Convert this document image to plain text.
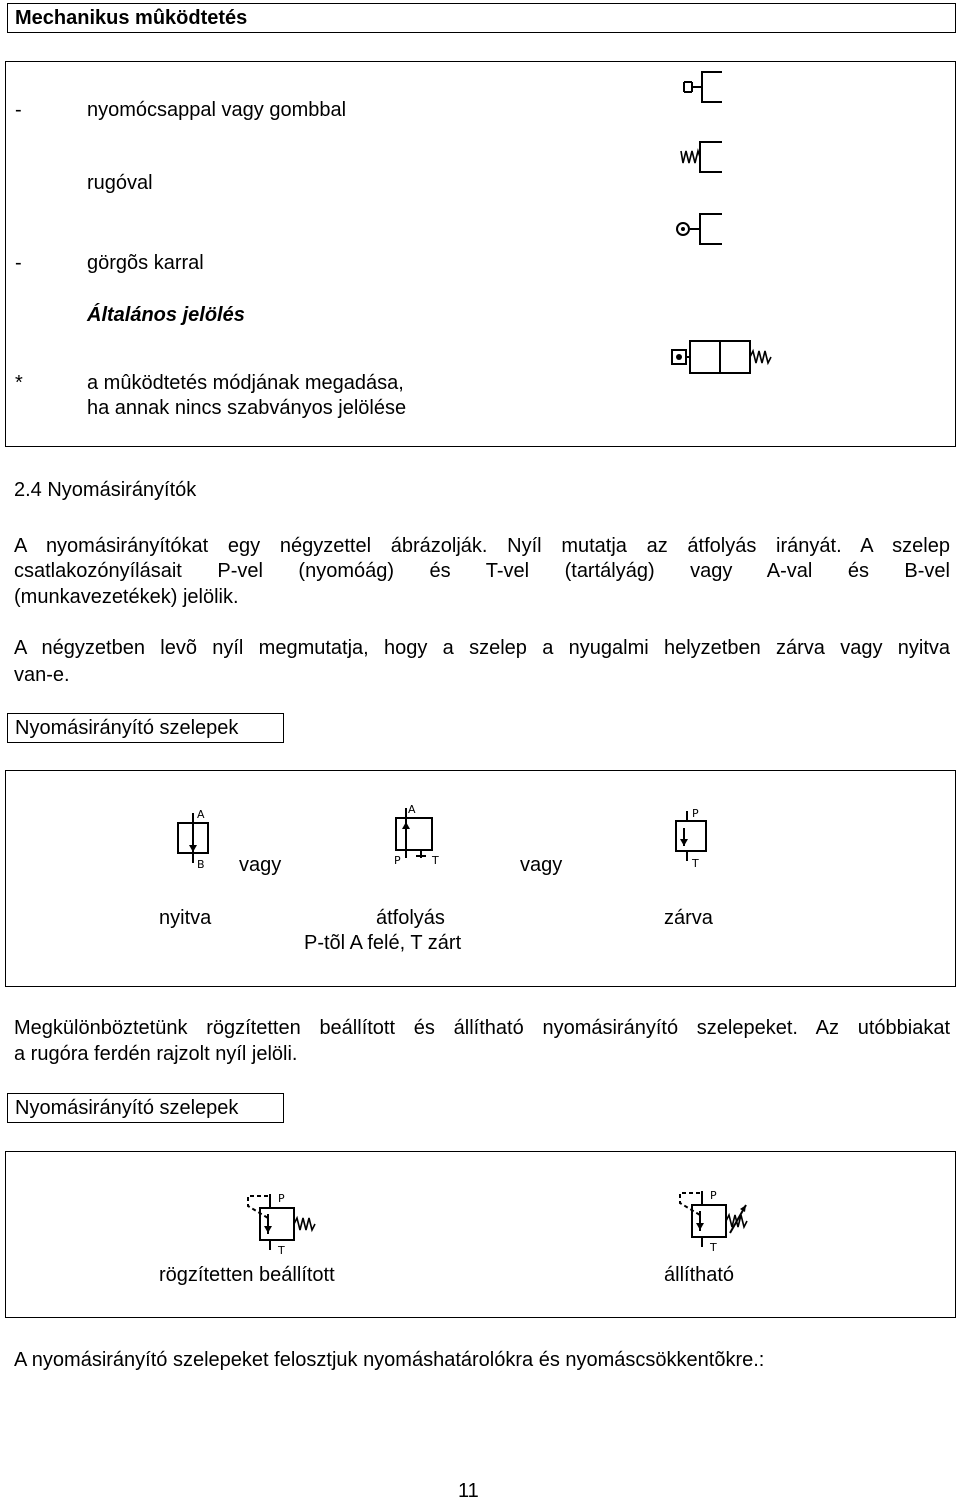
Mechanikus mûködtetés
-	nyomócsappal vagy gombbal
rugóval
-	görgõs karral
Általános jelölés
*	a mûködtetés módjának megadása,
ha annak nincs szabványos jelölése
2.4 Nyomásirányítók
A nyomásirányítókat egy négyzettel ábrázolják. Nyíl mutatja az átfolyás irányát. A szelep
csatlakozónyílásait P-vel (nyomóág) és T-vel (tartályág) vagy A-val és B-vel
(munkavezetékek) jelölik.
A négyzetben levõ nyíl megmutatja, hogy a szelep a nyugalmi helyzetben zárva vagy nyitva
van-e.
Nyomásirányító szelepek
A
B vagy
A
P	T	vagy
P
T
nyitva	átfolyás
P-tõl A felé, T zárt
zárva
Megkülönböztetünk rögzítetten beállított és állítható nyomásirányító szelepeket. Az utóbbiakat
a rugóra ferdén rajzolt nyíl jelöli.
Nyomásirányító szelepek
P
T
P
T
rögzítetten beállított	állítható
A nyomásirányító szelepeket felosztjuk nyomáshatárolókra és nyomáscsökkentõkre.:
11
